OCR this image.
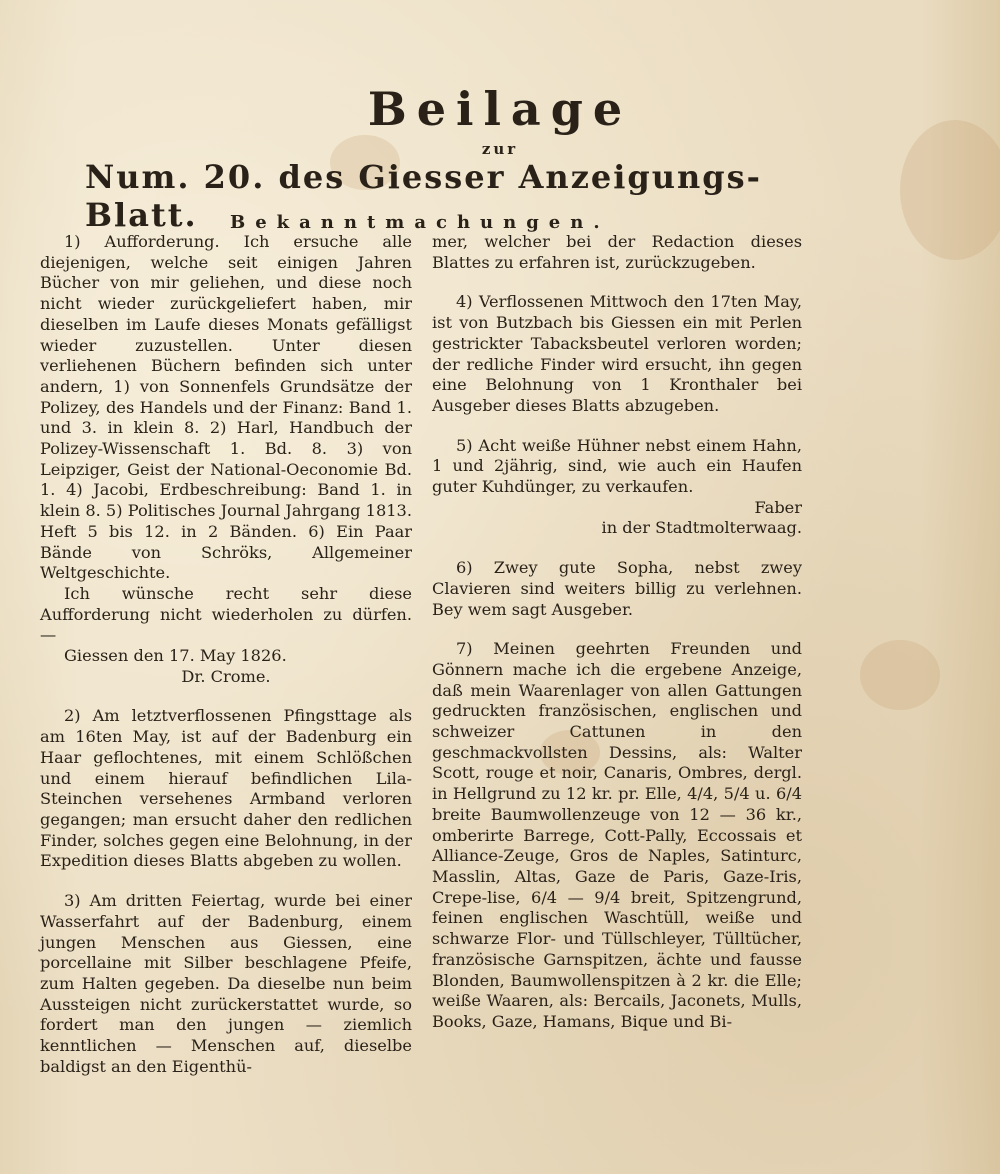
Beilage
zur
Num. 20. des Giesser Anzeigungs-Blatt.	Bekanntmachungen.

1) Aufforderung. Ich ersuche alle diejenigen, welche seit einigen Jahren Bücher von mir geliehen, und diese noch nicht wieder zurückgeliefert haben, mir dieselben im Laufe dieses Monats gefälligst wieder zuzustellen. Unter diesen verliehenen Büchern befinden sich unter andern, 1) von Sonnenfels Grundsätze der Polizey, des Handels und der Finanz: Band 1. und 3. in klein 8. 2) Harl, Handbuch der Polizey-Wissenschaft 1. Bd. 8. 3) von Leipziger, Geist der National-Oeconomie Bd. 1. 4) Jacobi, Erdbeschreibung: Band 1. in klein 8. 5) Politisches Journal Jahrgang 1813. Heft 5 bis 12. in 2 Bänden. 6) Ein Paar Bände von Schröks, Allgemeiner Weltgeschichte.

Ich wünsche recht sehr diese Aufforderung nicht wiederholen zu dürfen. —

Giessen den 17. May 1826.

Dr. Crome.

2) Am letztverflossenen Pfingsttage als am 16ten May, ist auf der Badenburg ein Haar geflochtenes, mit einem Schlößchen und einem hierauf befindlichen Lila-Steinchen versehenes Armband verloren gegangen; man ersucht daher den redlichen Finder, solches gegen eine Belohnung, in der Expedition dieses Blatts abgeben zu wollen.

3) Am dritten Feiertag, wurde bei einer Wasserfahrt auf der Badenburg, einem jungen Menschen aus Giessen, eine porcellaine mit Silber beschlagene Pfeife, zum Halten gegeben. Da dieselbe nun beim Aussteigen nicht zurückerstattet wurde, so fordert man den jungen — ziemlich kenntlichen — Menschen auf, dieselbe baldigst an den Eigenthü-

mer, welcher bei der Redaction dieses Blattes zu erfahren ist, zurückzugeben.

4) Verflossenen Mittwoch den 17ten May, ist von Butzbach bis Giessen ein mit Perlen gestrickter Tabacksbeutel verloren worden; der redliche Finder wird ersucht, ihn gegen eine Belohnung von 1 Kronthaler bei Ausgeber dieses Blatts abzugeben.

5) Acht weiße Hühner nebst einem Hahn, 1 und 2jährig, sind, wie auch ein Haufen guter Kuhdünger, zu verkaufen.

Faber

in der Stadtmolterwaag.

6) Zwey gute Sopha, nebst zwey Clavieren sind weiters billig zu verlehnen. Bey wem sagt Ausgeber.

7) Meinen geehrten Freunden und Gönnern mache ich die ergebene Anzeige, daß mein Waarenlager von allen Gattungen gedruckten französischen, englischen und schweizer Cattunen in den geschmackvollsten Dessins, als: Walter Scott, rouge et noir, Canaris, Ombres, dergl. in Hellgrund zu 12 kr. pr. Elle, 4/4, 5/4 u. 6/4 breite Baumwollenzeuge von 12 — 36 kr., omberirte Barrege, Cott-Pally, Eccossais et Alliance-Zeuge, Gros de Naples, Satinturc, Masslin, Altas, Gaze de Paris, Gaze-Iris, Crepe-lise, 6/4 — 9/4 breit, Spitzengrund, feinen englischen Waschtüll, weiße und schwarze Flor- und Tüllschleyer, Tülltücher, französische Garnspitzen, ächte und fausse Blonden, Baumwollenspitzen à 2 kr. die Elle; weiße Waaren, als: Bercails, Jaconets, Mulls, Books, Gaze, Hamans, Bique und Bi-
